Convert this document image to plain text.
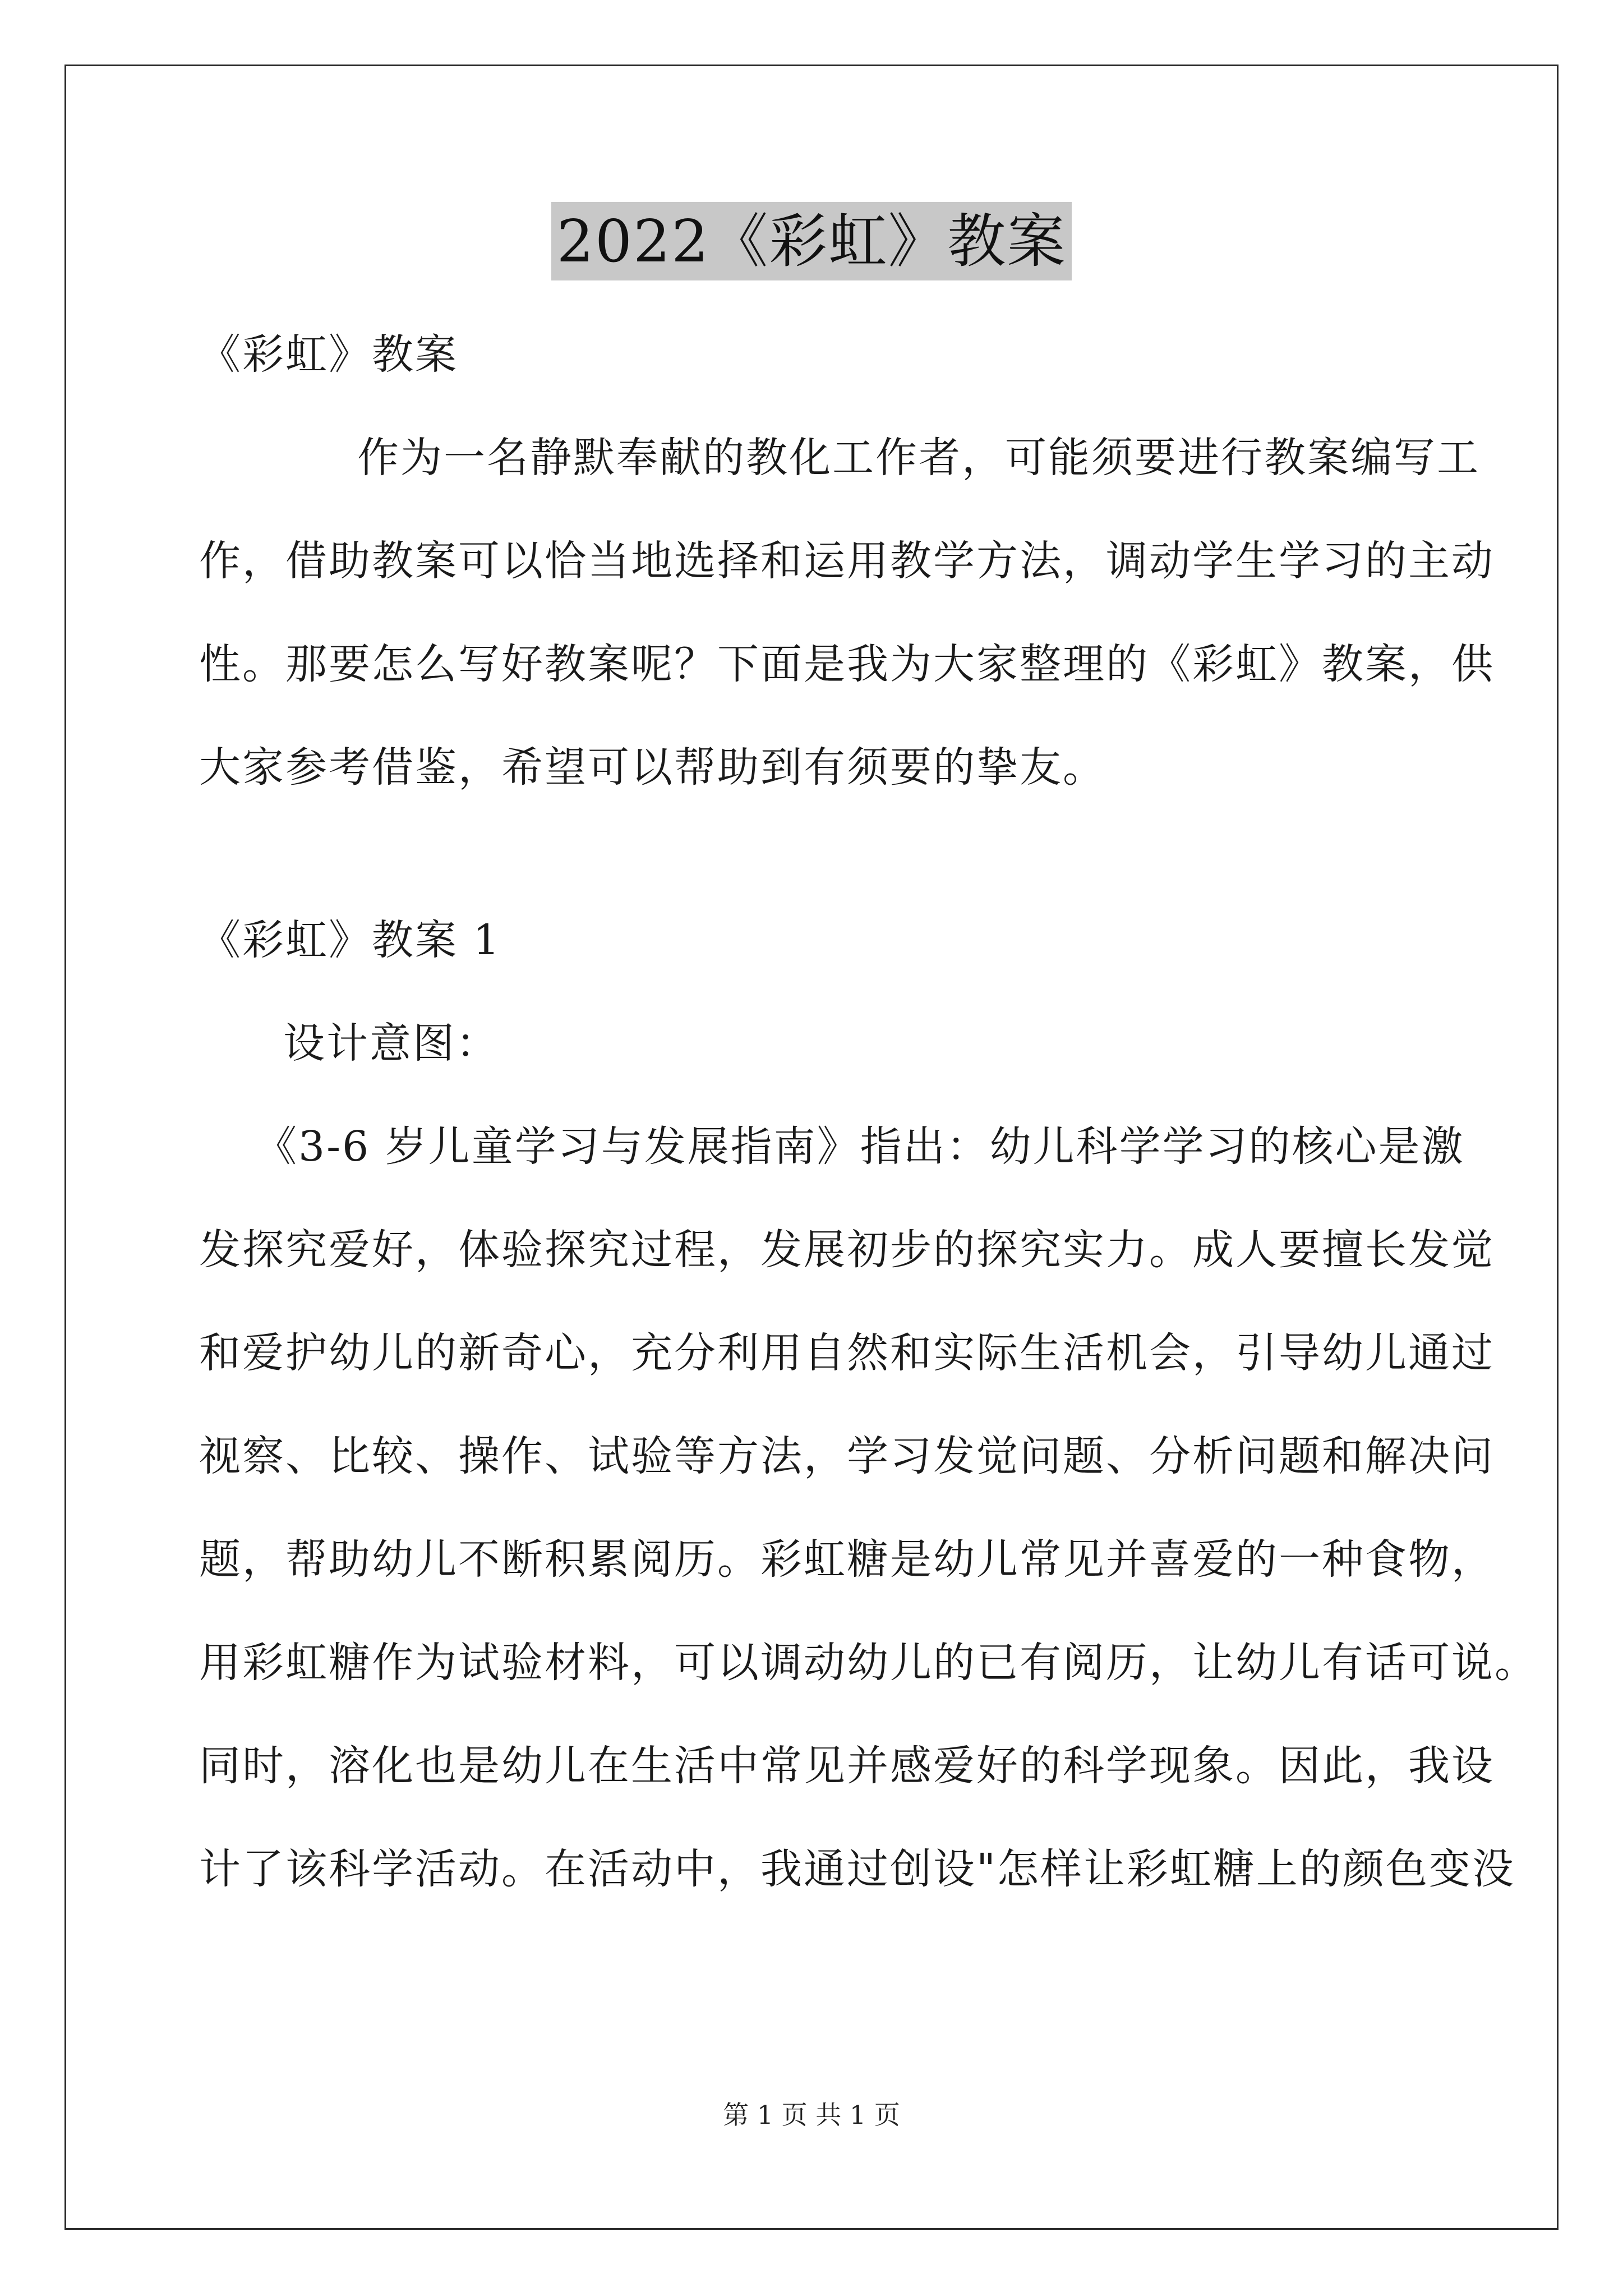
2022《彩虹》教案
《彩虹》教案
作为一名静默奉献的教化工作者，可能须要进行教案编写工
作，借助教案可以恰当地选择和运用教学方法，调动学生学习的主动
性。那要怎么写好教案呢？下面是我为大家整理的《彩虹》教案，供
大家参考借鉴，希望可以帮助到有须要的挚友。
《彩虹》教案 1
设计意图：
《3-6 岁儿童学习与发展指南》指出：幼儿科学学习的核心是激
发探究爱好，体验探究过程，发展初步的探究实力。成人要擅长发觉
和爱护幼儿的新奇心，充分利用自然和实际生活机会，引导幼儿通过
视察、比较、操作、试验等方法，学习发觉问题、分析问题和解决问
题，帮助幼儿不断积累阅历。彩虹糖是幼儿常见并喜爱的一种食物，
用彩虹糖作为试验材料，可以调动幼儿的已有阅历，让幼儿有话可说。
同时，溶化也是幼儿在生活中常见并感爱好的科学现象。因此，我设
计了该科学活动。在活动中，我通过创设"怎样让彩虹糖上的颜色变没
第 1 页 共 1 页
